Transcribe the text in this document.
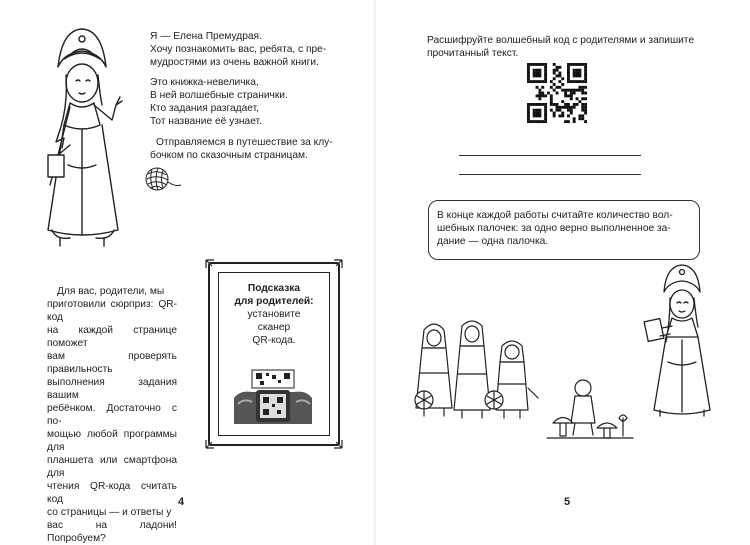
Я — Елена Премудрая.

Хочу познакомить вас, ребята, с пре-

мудростями из очень важной книги.

Это книжка-невеличка,

В ней волшебные странички.

Кто задания разгадает,

Тот название её узнает.

Отправляемся в путешествие за клу-

бочком по сказочным страницам.

Для вас, родители, мы

приготовили сюрприз: QR-код

на каждой странице поможет

вам проверять правильность

выполнения задания вашим

ребёнком. Достаточно с по-

мощью любой программы для

планшета или смартфона для

чтения QR-кода считать код

со страницы — и ответы у

вас на ладони! Попробуем?

Подсказка
для родителей:
установите
сканер
QR-кода.
4

Расшифруйте волшебный код с родителями и запишите

прочитанный текст.

5

В конце каждой работы считайте количество вол-
шебных палочек: за одно верно выполненное за-
дание — одна палочка.
